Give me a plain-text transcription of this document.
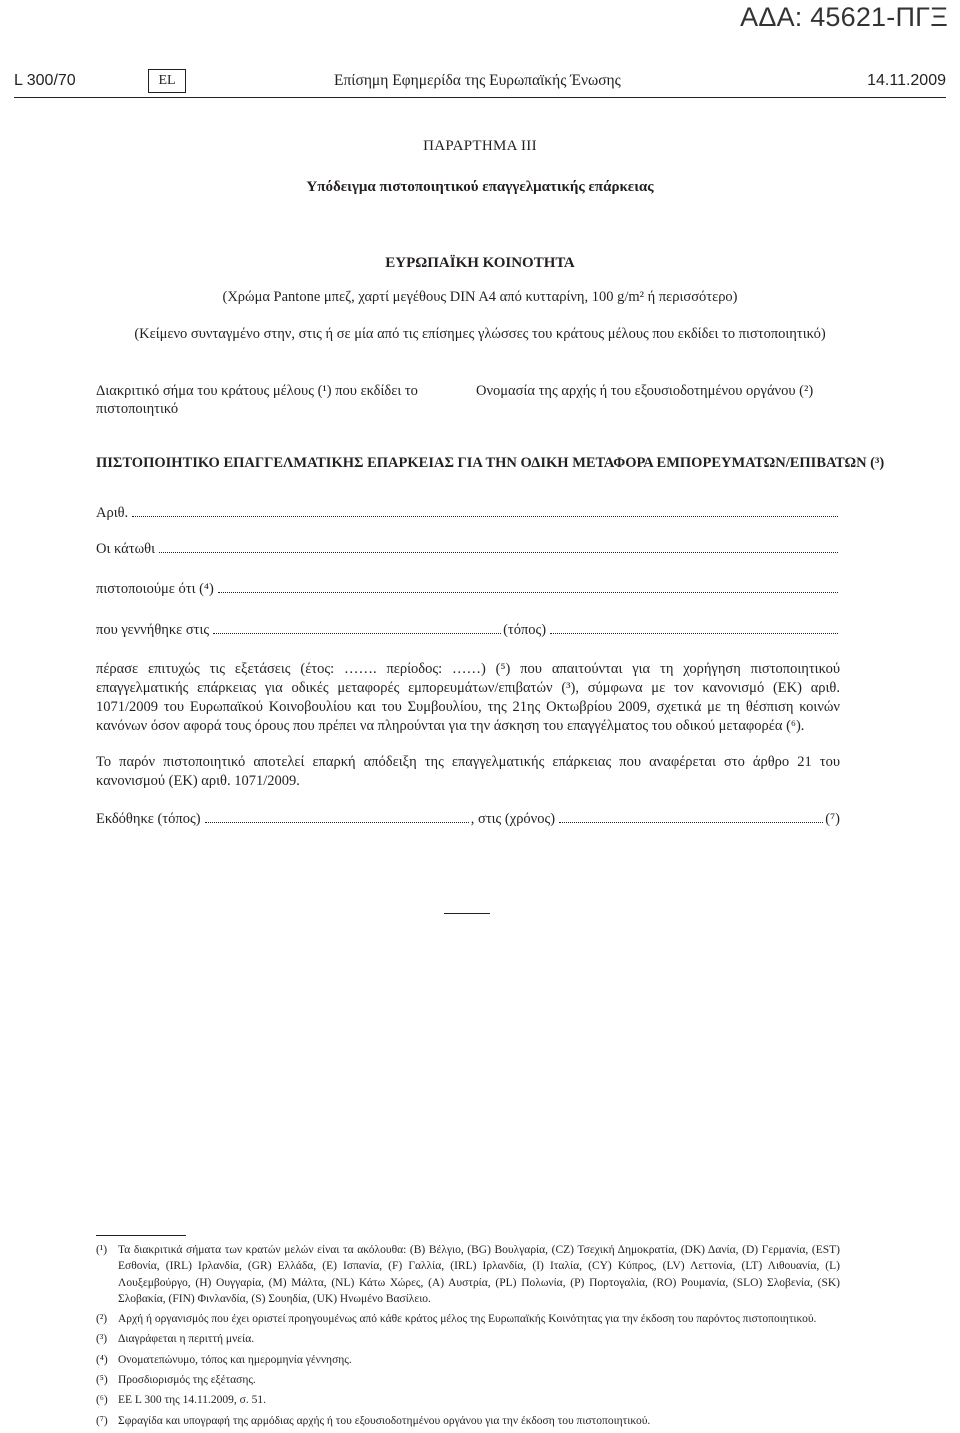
ΑΔΑ: 45621-ΠΓΞ
L 300/70	EL	Επίσημη Εφημερίδα της Ευρωπαϊκής Ένωσης	14.11.2009
ΠΑΡΑΡΤΗΜΑ III
Υπόδειγμα πιστοποιητικού επαγγελματικής επάρκειας
ΕΥΡΩΠΑΪΚΗ ΚΟΙΝΟΤΗΤΑ
(Χρώμα Pantone μπεζ, χαρτί μεγέθους DIN A4 από κυτταρίνη, 100 g/m² ή περισσότερο)
(Κείμενο συνταγμένο στην, στις ή σε μία από τις επίσημες γλώσσες του κράτους μέλους που εκδίδει το πιστοποιητικό)
Διακριτικό σήμα του κράτους μέλους (¹) που εκδίδει το πιστοποιητικό
Ονομασία της αρχής ή του εξουσιοδοτημένου οργάνου (²)
ΠΙΣΤΟΠΟΙΗΤΙΚΟ ΕΠΑΓΓΕΛΜΑΤΙΚΗΣ ΕΠΑΡΚΕΙΑΣ ΓΙΑ ΤΗΝ ΟΔΙΚΗ ΜΕΤΑΦΟΡΑ ΕΜΠΟΡΕΥΜΑΤΩΝ/ΕΠΙΒΑΤΩΝ (³)
Αριθ.
Οι κάτωθι
πιστοποιούμε ότι (⁴)
που γεννήθηκε στις	(τόπος)
πέρασε επιτυχώς τις εξετάσεις (έτος: ……. περίοδος: ……) (⁵) που απαιτούνται για τη χορήγηση πιστοποιητικού επαγγελματικής επάρκειας για οδικές μεταφορές εμπορευμάτων/επιβατών (³), σύμφωνα με τον κανονισμό (ΕΚ) αριθ. 1071/2009 του Ευρωπαϊκού Κοινοβουλίου και του Συμβουλίου, της 21ης Οκτωβρίου 2009, σχετικά με τη θέσπιση κοινών κανόνων όσον αφορά τους όρους που πρέπει να πληρούνται για την άσκηση του επαγγέλματος του οδικού μεταφορέα (⁶).
Το παρόν πιστοποιητικό αποτελεί επαρκή απόδειξη της επαγγελματικής επάρκειας που αναφέρεται στο άρθρο 21 του κανονισμού (ΕΚ) αριθ. 1071/2009.
Εκδόθηκε (τόπος)	, στις (χρόνος)	(⁷)
(¹) Τα διακριτικά σήματα των κρατών μελών είναι τα ακόλουθα: (B) Βέλγιο, (BG) Βουλγαρία, (CZ) Τσεχική Δημοκρατία, (DK) Δανία, (D) Γερμανία, (EST) Εσθονία, (IRL) Ιρλανδία, (GR) Ελλάδα, (E) Ισπανία, (F) Γαλλία, (IRL) Ιρλανδία, (I) Ιταλία, (CY) Κύπρος, (LV) Λεττονία, (LT) Λιθουανία, (L) Λουξεμβούργο, (H) Ουγγαρία, (M) Μάλτα, (NL) Κάτω Χώρες, (A) Αυστρία, (PL) Πολωνία, (P) Πορτογαλία, (RO) Ρουμανία, (SLO) Σλοβενία, (SK) Σλοβακία, (FIN) Φινλανδία, (S) Σουηδία, (UK) Ηνωμένο Βασίλειο.
(²) Αρχή ή οργανισμός που έχει οριστεί προηγουμένως από κάθε κράτος μέλος της Ευρωπαϊκής Κοινότητας για την έκδοση του παρόντος πιστοποιητικού.
(³) Διαγράφεται η περιττή μνεία.
(⁴) Ονοματεπώνυμο, τόπος και ημερομηνία γέννησης.
(⁵) Προσδιορισμός της εξέτασης.
(⁶) ΕΕ L 300 της 14.11.2009, σ. 51.
(⁷) Σφραγίδα και υπογραφή της αρμόδιας αρχής ή του εξουσιοδοτημένου οργάνου για την έκδοση του πιστοποιητικού.
